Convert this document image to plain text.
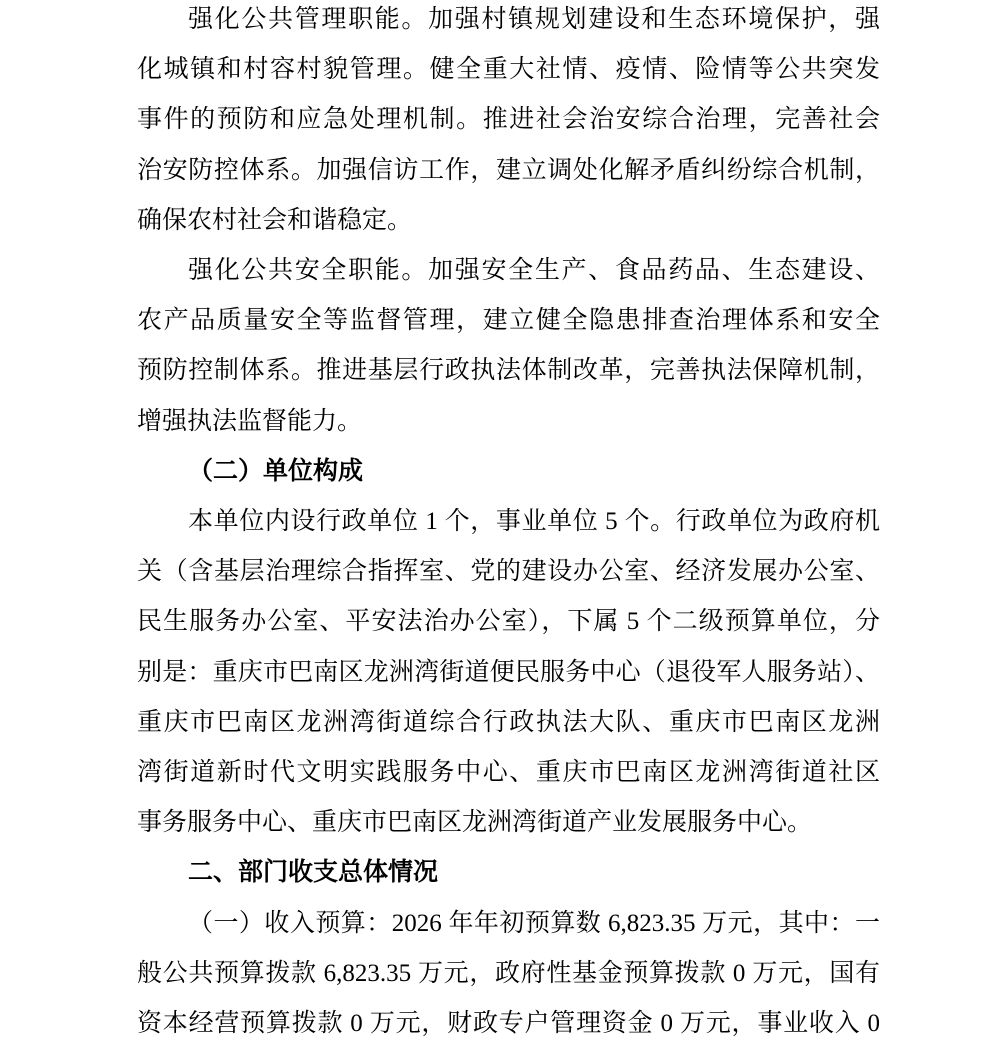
强化公共管理职能。加强村镇规划建设和生态环境保护，强
化城镇和村容村貌管理。健全重大社情、疫情、险情等公共突发
事件的预防和应急处理机制。推进社会治安综合治理，完善社会
治安防控体系。加强信访工作，建立调处化解矛盾纠纷综合机制，
确保农村社会和谐稳定。
强化公共安全职能。加强安全生产、食品药品、生态建设、
农产品质量安全等监督管理，建立健全隐患排查治理体系和安全
预防控制体系。推进基层行政执法体制改革，完善执法保障机制，
增强执法监督能力。
（二）单位构成
本单位内设行政单位 1 个，事业单位 5 个。行政单位为政府机
关（含基层治理综合指挥室、党的建设办公室、经济发展办公室、
民生服务办公室、平安法治办公室），下属 5 个二级预算单位，分
别是：重庆市巴南区龙洲湾街道便民服务中心（退役军人服务站）、
重庆市巴南区龙洲湾街道综合行政执法大队、重庆市巴南区龙洲
湾街道新时代文明实践服务中心、重庆市巴南区龙洲湾街道社区
事务服务中心、重庆市巴南区龙洲湾街道产业发展服务中心。
二、部门收支总体情况
（一）收入预算：2026 年年初预算数 6,823.35 万元，其中：一
般公共预算拨款 6,823.35 万元，政府性基金预算拨款 0 万元，国有
资本经营预算拨款 0 万元，财政专户管理资金 0 万元，事业收入 0
